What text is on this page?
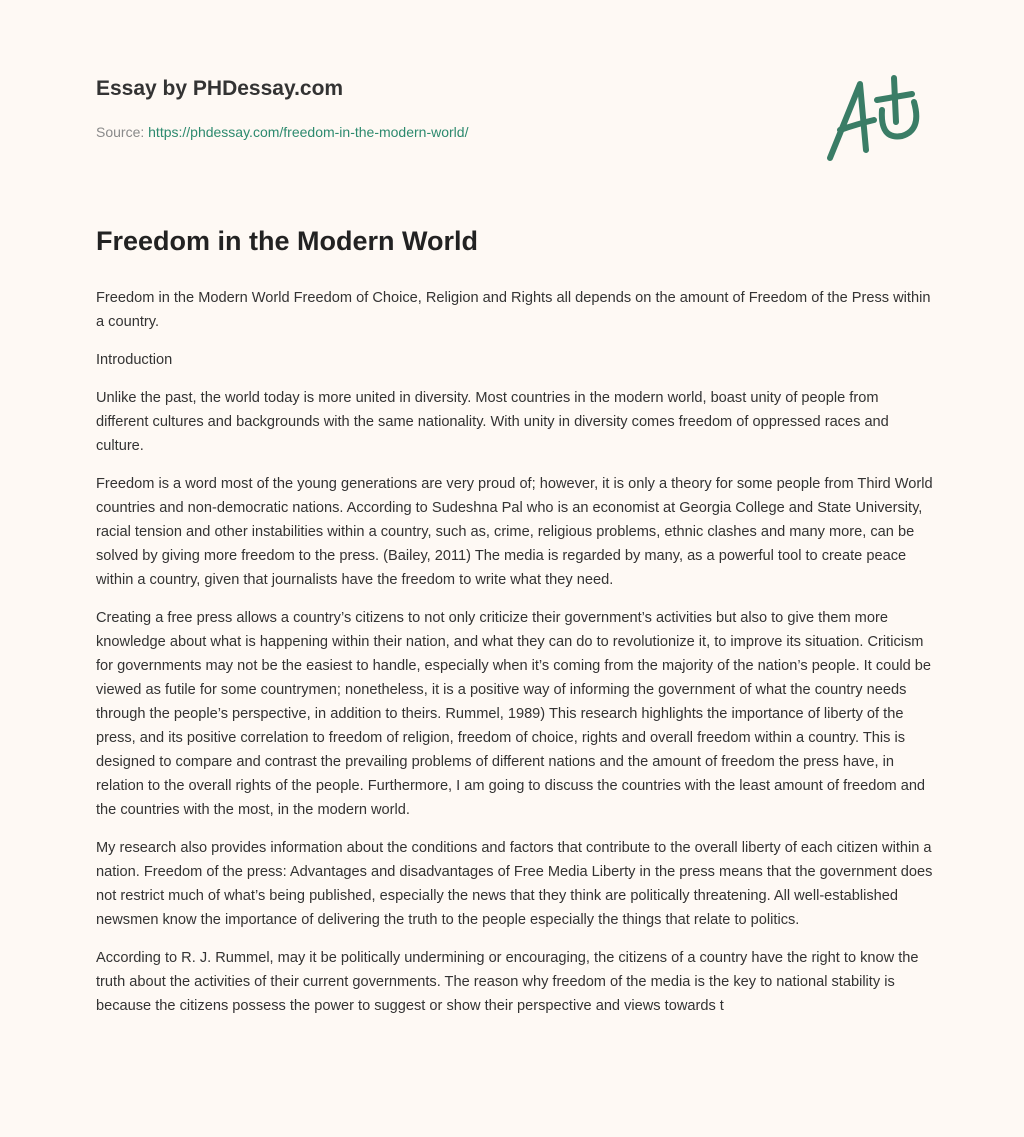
Essay by PHDessay.com
Source: https://phdessay.com/freedom-in-the-modern-world/
Freedom in the Modern World

Freedom in the Modern World Freedom of Choice, Religion and Rights all depends on the amount of Freedom of the Press within a country.

Introduction

Unlike the past, the world today is more united in diversity. Most countries in the modern world, boast unity of people from different cultures and backgrounds with the same nationality. With unity in diversity comes freedom of oppressed races and culture.

Freedom is a word most of the young generations are very proud of; however, it is only a theory for some people from Third World countries and non-democratic nations. According to Sudeshna Pal who is an economist at Georgia College and State University, racial tension and other instabilities within a country, such as, crime, religious problems, ethnic clashes and many more, can be solved by giving more freedom to the press. (Bailey, 2011) The media is regarded by many, as a powerful tool to create peace within a country, given that journalists have the freedom to write what they need.

Creating a free press allows a country’s citizens to not only criticize their government’s activities but also to give them more knowledge about what is happening within their nation, and what they can do to revolutionize it, to improve its situation. Criticism for governments may not be the easiest to handle, especially when it’s coming from the majority of the nation’s people. It could be viewed as futile for some countrymen; nonetheless, it is a positive way of informing the government of what the country needs through the people’s perspective, in addition to theirs. Rummel, 1989) This research highlights the importance of liberty of the press, and its positive correlation to freedom of religion, freedom of choice, rights and overall freedom within a country. This is designed to compare and contrast the prevailing problems of different nations and the amount of freedom the press have, in relation to the overall rights of the people. Furthermore, I am going to discuss the countries with the least amount of freedom and the countries with the most, in the modern world.

My research also provides information about the conditions and factors that contribute to the overall liberty of each citizen within a nation. Freedom of the press: Advantages and disadvantages of Free Media Liberty in the press means that the government does not restrict much of what’s being published, especially the news that they think are politically threatening. All well-established newsmen know the importance of delivering the truth to the people especially the things that relate to politics.

According to R. J. Rummel, may it be politically undermining or encouraging, the citizens of a country have the right to know the truth about the activities of their current governments. The reason why freedom of the media is the key to national stability is because the citizens possess the power to suggest or show their perspective and views towards t
